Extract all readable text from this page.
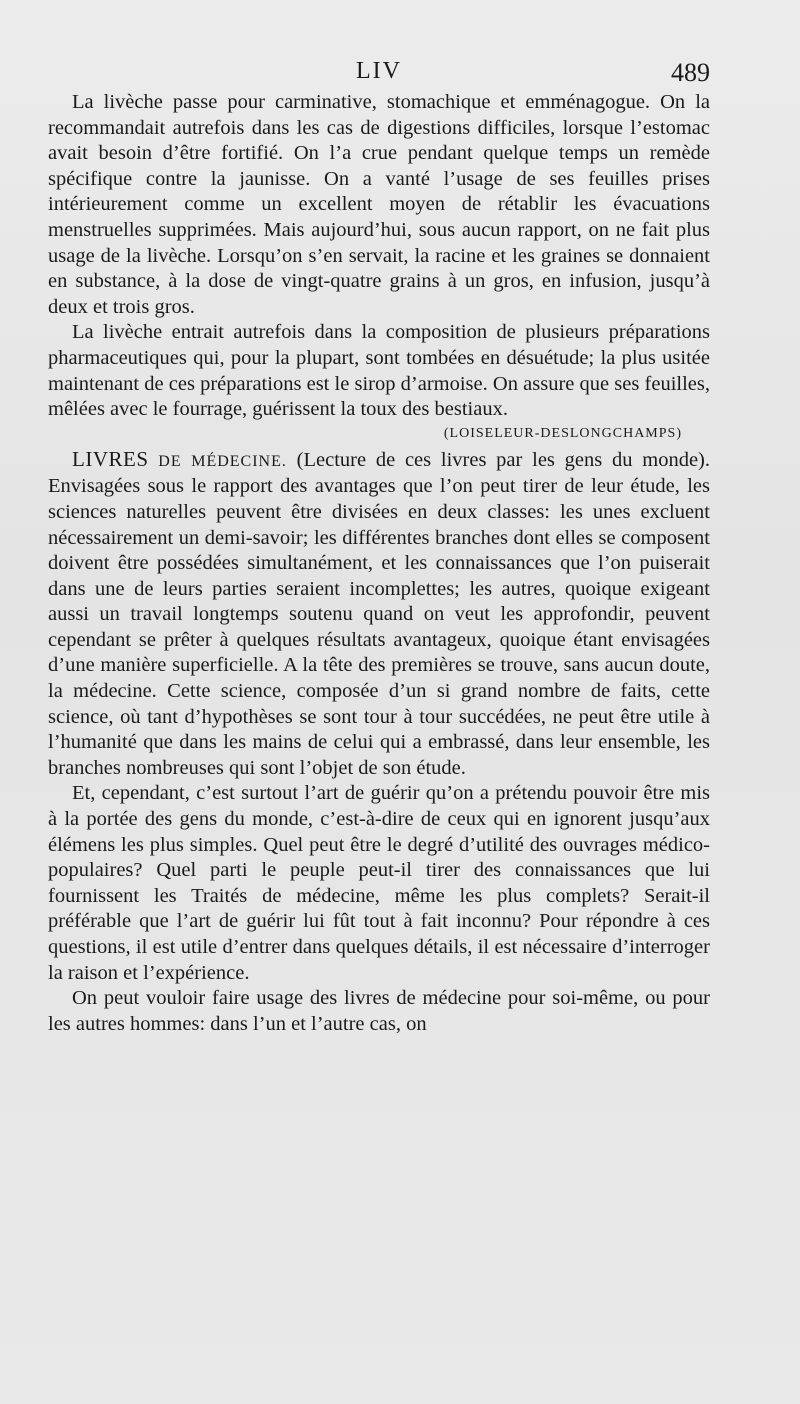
LIV	489

La livèche passe pour carminative, stomachique et emménagogue. On la recommandait autrefois dans les cas de digestions difficiles, lorsque l’estomac avait besoin d’être fortifié. On l’a crue pendant quelque temps un remède spécifique contre la jaunisse. On a vanté l’usage de ses feuilles prises intérieurement comme un excellent moyen de rétablir les évacuations menstruelles supprimées. Mais aujourd’hui, sous aucun rapport, on ne fait plus usage de la livèche. Lorsqu’on s’en servait, la racine et les graines se donnaient en substance, à la dose de vingt-quatre grains à un gros, en infusion, jusqu’à deux et trois gros.

La livèche entrait autrefois dans la composition de plusieurs préparations pharmaceutiques qui, pour la plupart, sont tombées en désuétude; la plus usitée maintenant de ces préparations est le sirop d’armoise. On assure que ses feuilles, mêlées avec le fourrage, guérissent la toux des bestiaux.

(LOISELEUR-DESLONGCHAMPS)

LIVRES DE MÉDECINE. (Lecture de ces livres par les gens du monde). Envisagées sous le rapport des avantages que l’on peut tirer de leur étude, les sciences naturelles peuvent être divisées en deux classes: les unes excluent nécessairement un demi-savoir; les différentes branches dont elles se composent doivent être possédées simultanément, et les connaissances que l’on puiserait dans une de leurs parties seraient incomplettes; les autres, quoique exigeant aussi un travail longtemps soutenu quand on veut les approfondir, peuvent cependant se prêter à quelques résultats avantageux, quoique étant envisagées d’une manière superficielle. A la tête des premières se trouve, sans aucun doute, la médecine. Cette science, composée d’un si grand nombre de faits, cette science, où tant d’hypothèses se sont tour à tour succédées, ne peut être utile à l’humanité que dans les mains de celui qui a embrassé, dans leur ensemble, les branches nombreuses qui sont l’objet de son étude.

Et, cependant, c’est surtout l’art de guérir qu’on a prétendu pouvoir être mis à la portée des gens du monde, c’est-à-dire de ceux qui en ignorent jusqu’aux élémens les plus simples. Quel peut être le degré d’utilité des ouvrages médico-populaires? Quel parti le peuple peut-il tirer des connaissances que lui fournissent les Traités de médecine, même les plus complets? Serait-il préférable que l’art de guérir lui fût tout à fait inconnu? Pour répondre à ces questions, il est utile d’entrer dans quelques détails, il est nécessaire d’interroger la raison et l’expérience.

On peut vouloir faire usage des livres de médecine pour soi-même, ou pour les autres hommes: dans l’un et l’autre cas, on
